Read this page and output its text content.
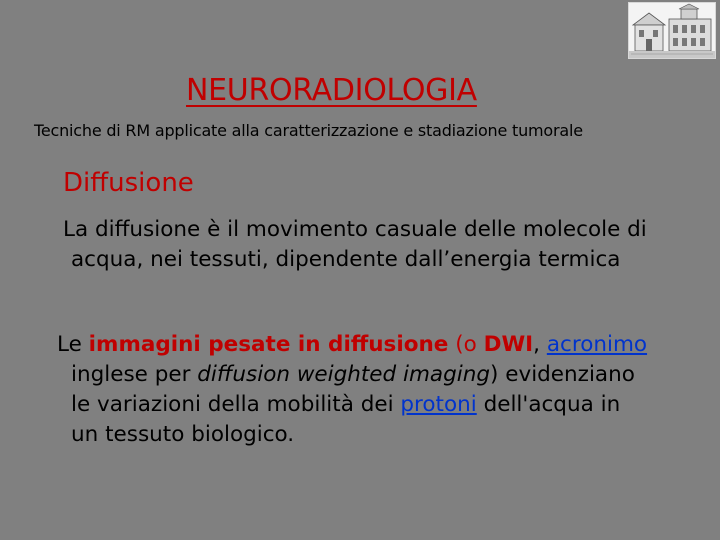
NEURORADIOLOGIA
Tecniche di RM applicate alla caratterizzazione e stadiazione tumorale
Diffusione
La diffusione è il movimento casuale delle molecole di
acqua, nei tessuti, dipendente dall’energia termica
Le immagini pesate in diffusione (o DWI, acronimo
inglese per diffusion weighted imaging) evidenziano
le variazioni della mobilità dei protoni dell'acqua in
un tessuto biologico.
